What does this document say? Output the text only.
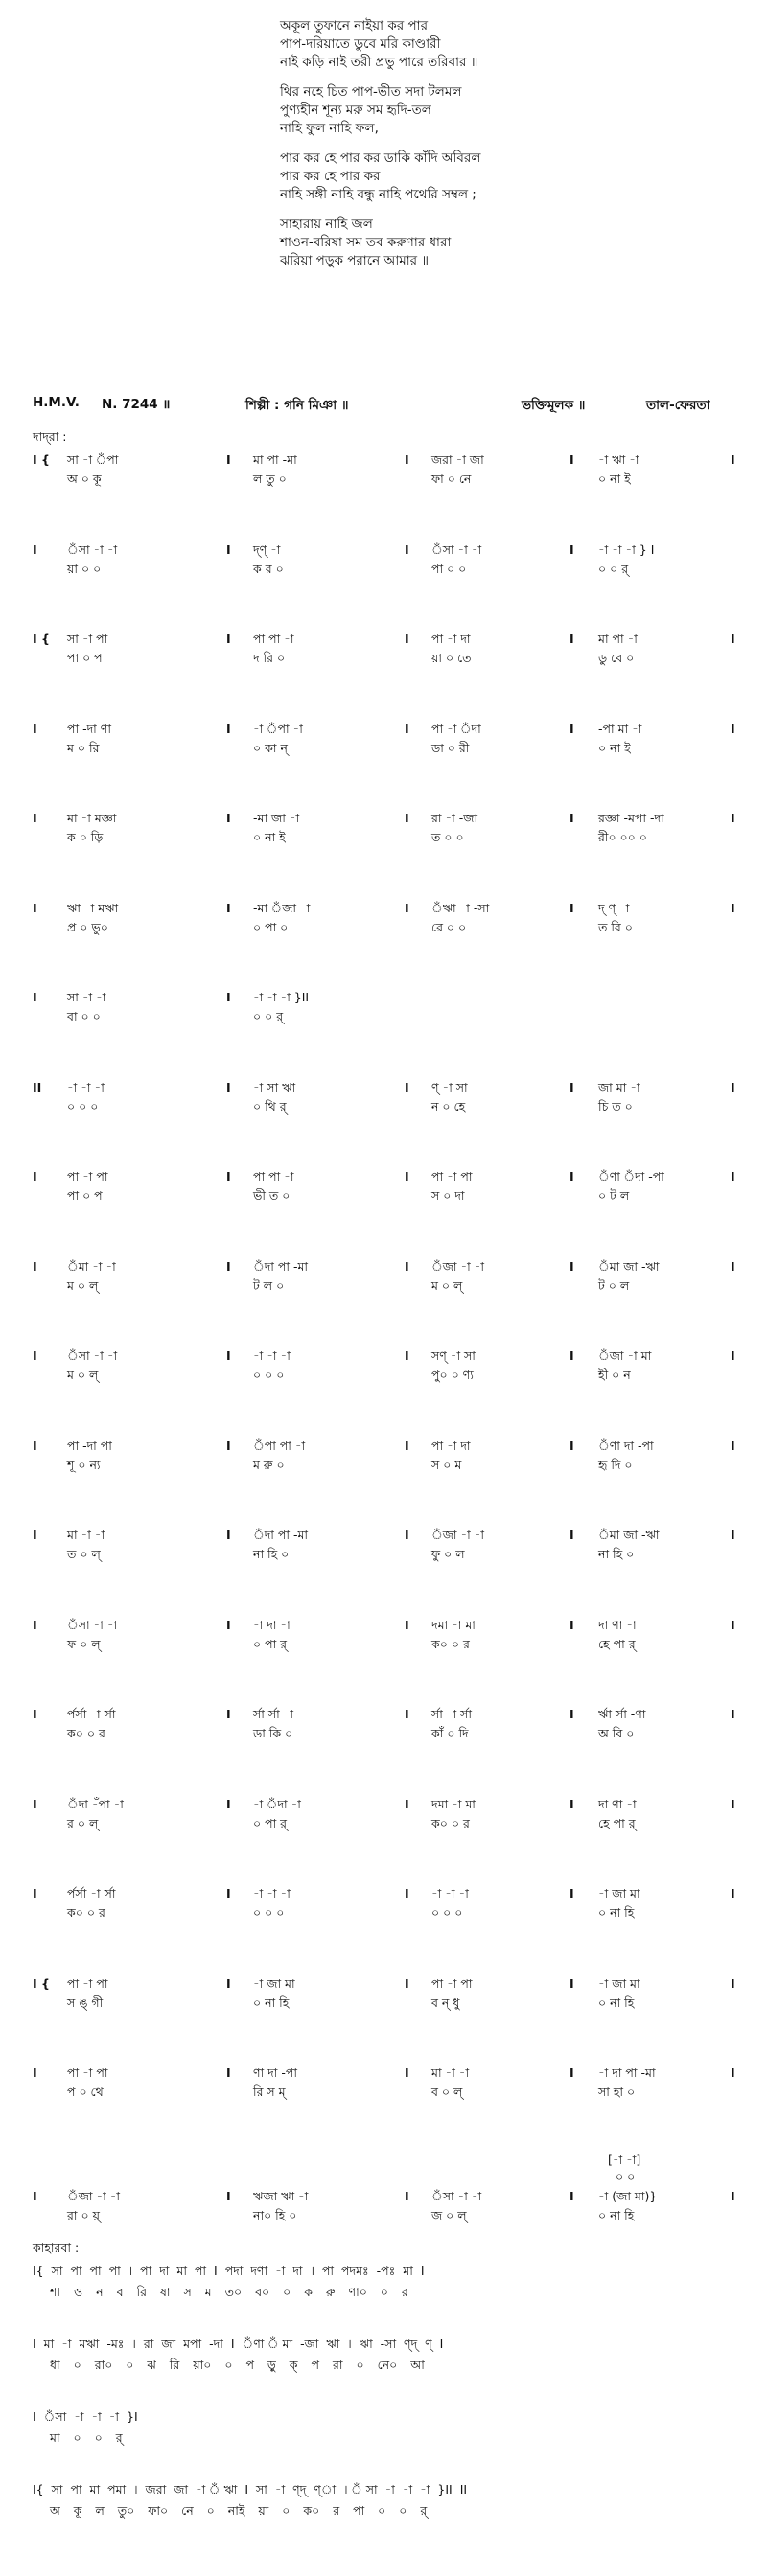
অকূল তুফানে নাইয়া কর পার
পাপ-দরিয়াতে ডুবে মরি কাণ্ডারী
নাই কড়ি নাই তরী প্রভু পারে তরিবার ॥
থির নহে চিত পাপ-ভীত সদা টলমল
পুণ্যহীন শূন্য মরু সম হৃদি-তল
নাহি ফুল নাহি ফল,
পার কর হে পার কর ডাকি কাঁদি অবিরল
পার কর হে পার কর
নাহি সঙ্গী নাহি বন্ধু নাহি পথেরি সম্বল ;
সাহারায় নাহি জল
শাওন-বরিষা সম তব করুণার ধারা
ঝরিয়া পড়ুক পরানে আমার ॥
H.M.V. N. 7244 ॥	শিল্পী : গনি মিঞা ॥	ভক্তিমূলক ॥	তাল-ফেরতা
দাদ্‌রা :
I { সা -া ঁপা	I মা পা -মা	I জরা -া জা	I -া ঋা -া	I
অ ০ কূ	ল তু ০	ফা ০ নে	০ না ই
I	ঁসা -া -া	I দ্‌ণ্‌ -া	I ঁসা -া -া	I -া -া -া } I
য়া ০ ০	ক র ০	পা ০ ০	০ ০ র্‌
I { সা -া পা	I পা পা -া	I পা -া দা	I মা পা -া	I
পা ০ প	দ রি ০	য়া ০ তে	ডু বে ০
I	পা -দা ণা	I -া ঁপা -া	I পা -া ঁদা	I -পা মা -া	I
ম ০ রি	০ কা ন্‌	ডা ০ রী	০ না ই
I	মা -া মজ্ঞা	I -মা জা -া	I রা -া -জা	I রজ্ঞা -মপা -দা	I
ক ০ ড়ি	০ না ই	ত ০ ০	রী০ ০০ ০
I	ঋা -া মঋা	I -মা ঁজা -া	I ঁঋা -া -সা	I দ্‌ ণ্‌ -া	I
প্র ০ ভু০	০ পা ০	রে ০ ০	ত রি ০
I	সা -া -া	I -া -া -া }II
বা ০ ০	০ ০ র্‌
II -া -া -া	I -া সা ঋা	I ণ্‌ -া সা	I জা মা -া	I
০ ০ ০	০ থি র্‌	ন ০ হে	চি ত ০
I	পা -া পা	I পা পা -া	I পা -া পা	I ঁণা ঁদা -পা	I
পা ০ প	ভী ত ০	স ০ দা	০ ট ল
I	ঁমা -া -া	I ঁদা পা -মা	I ঁজা -া -া	I ঁমা জা -ঋা	I
ম ০ ল্‌	ট ল ০	ম ০ ল্‌	ট ০ ল
I	ঁসা -া -া	I -া -া -া	I সণ্‌ -া সা	I ঁজা -া মা	I
ম ০ ল্‌	০ ০ ০	পু০ ০ ণ্য	হী ০ ন
I	পা -দা পা	I ঁপা পা -া	I পা -া দা	I ঁণা দা -পা	I
শূ ০ ন্য	ম রু ০	স ০ ম	হৃ দি ০
I	মা -া -া	I ঁদা পা -মা	I ঁজা -া -া	I ঁমা জা -ঋা	I
ত ০ ল্‌	না হি ০	ফু ০ ল	না হি ০
I	ঁসা -া -া	I -া দা -া	I দমা -া মা	I দা ণা -া	I
ফ ০ ল্‌	০ পা র্‌	ক০ ০ র	হে পা র্‌
I	র্পর্সা -া র্সা	I র্সা র্সা -া	I র্সা -া র্সা	I র্ঋা র্সা -ণা	I
ক০ ০ র	ডা কি ০	কাঁ ০ দি	অ বি ০
I	ঁদা -ঁপা -া	I -া ঁদা -া	I দমা -া মা	I দা ণা -া	I
র ০ ল্‌	০ পা র্‌	ক০ ০ র	হে পা র্‌
I	র্পর্সা -া র্সা	I -া -া -া	I -া -া -া	I -া জা মা	I
ক০ ০ র	০ ০ ০	০ ০ ০	০ না হি
I { পা -া পা	I -া জা মা	I পা -া পা	I -া জা মা	I
স ঙ্‌ গী	০ না হি	ব ন্‌ ধু	০ না হি
I	পা -া পা	I ণা দা -পা	I মা -া -া	I -া দা পা -মা	I
প ০ থে	রি স ম্	ব ০ ল্‌	সা হা ০
[-া -া]
০ ০
I	ঁজা -া -া	I ঋজা ঋা -া	I ঁসা -া -া	I -া (জা মা)}	I
রা ০ য়্‌	না০ হি ০	জ ০ ল্‌	০ না হি
কাহারবা :
I{ সা পা পা পা । পা দা মা পা I পদা দণা -া দা । পা পদমঃ -পঃ মা I
শা ও ন ব রি ষা স ম ত০ ব০ ০ ক রু ণা০ ০ র
I মা -া মঋা -মঃ । রা জা মপা -দা I ঁণা ঁমা -জা ঋা । ঋা -সা ণ্‌দ্‌ ণ্‌ I
ধা ০ রা০ ০ ঝ রি য়া০ ০ প ড়ু ক্‌ প রা ০ নে০ আ
I ঁসা -া -া -া }I
মা ০ ০ র্‌
I{ সা পা মা পমা । জরা জা -া ঁঋা I সা -া ণ্‌দ্‌ ণ্‌া । ঁসা -া -া -া }II II
অ কূ ল তু০ ফা০ নে ০ নাই য়া ০ ক০ র পা ০ ০ র্‌
